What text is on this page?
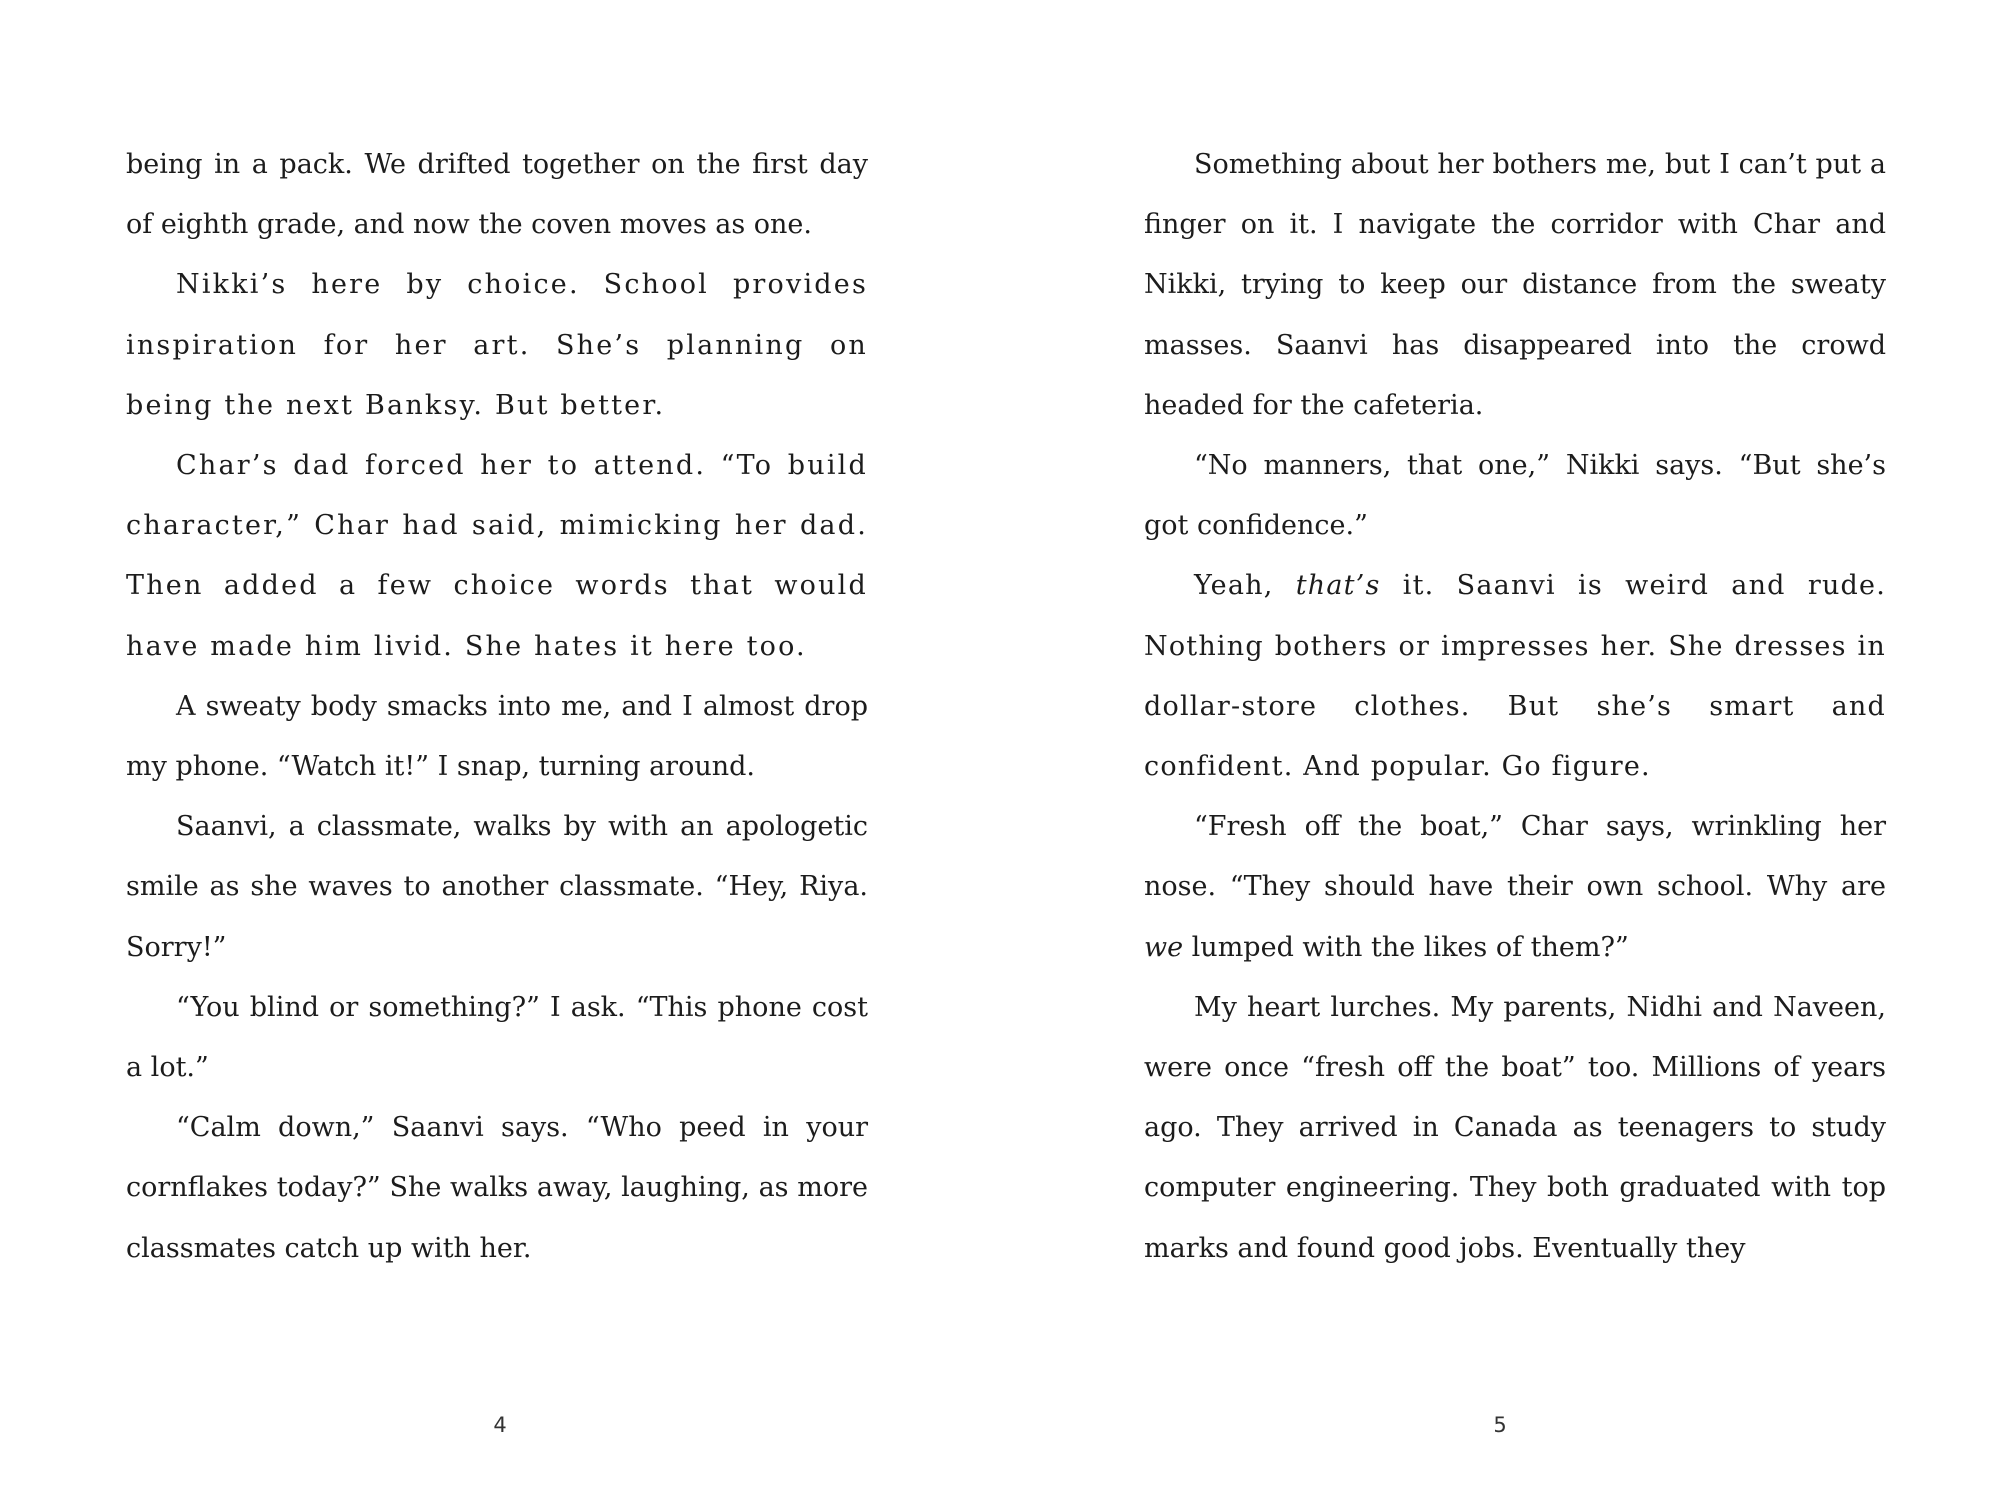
being in a pack. We drifted together on the first day of eighth grade, and now the coven moves as one.

Nikki’s here by choice. School provides inspiration for her art. She’s planning on being the next Banksy. But better.

Char’s dad forced her to attend. “To build character,” Char had said, mimicking her dad. Then added a few choice words that would have made him livid. She hates it here too.

A sweaty body smacks into me, and I almost drop my phone. “Watch it!” I snap, turning around.

Saanvi, a classmate, walks by with an apologetic smile as she waves to another classmate. “Hey, Riya. Sorry!”

“You blind or something?” I ask. “This phone cost a lot.”

“Calm down,” Saanvi says. “Who peed in your cornflakes today?” She walks away, laughing, as more classmates catch up with her.

4

Something about her bothers me, but I can’t put a finger on it. I navigate the corridor with Char and Nikki, trying to keep our distance from the sweaty masses. Saanvi has disappeared into the crowd headed for the cafeteria.

“No manners, that one,” Nikki says. “But she’s got confidence.”

Yeah, that’s it. Saanvi is weird and rude. Nothing bothers or impresses her. She dresses in dollar-store clothes. But she’s smart and confident. And popular. Go figure.

“Fresh off the boat,” Char says, wrinkling her nose. “They should have their own school. Why are we lumped with the likes of them?”

My heart lurches. My parents, Nidhi and Naveen, were once “fresh off the boat” too. Millions of years ago. They arrived in Canada as teenagers to study computer engineering. They both graduated with top marks and found good jobs. Eventually they

5
